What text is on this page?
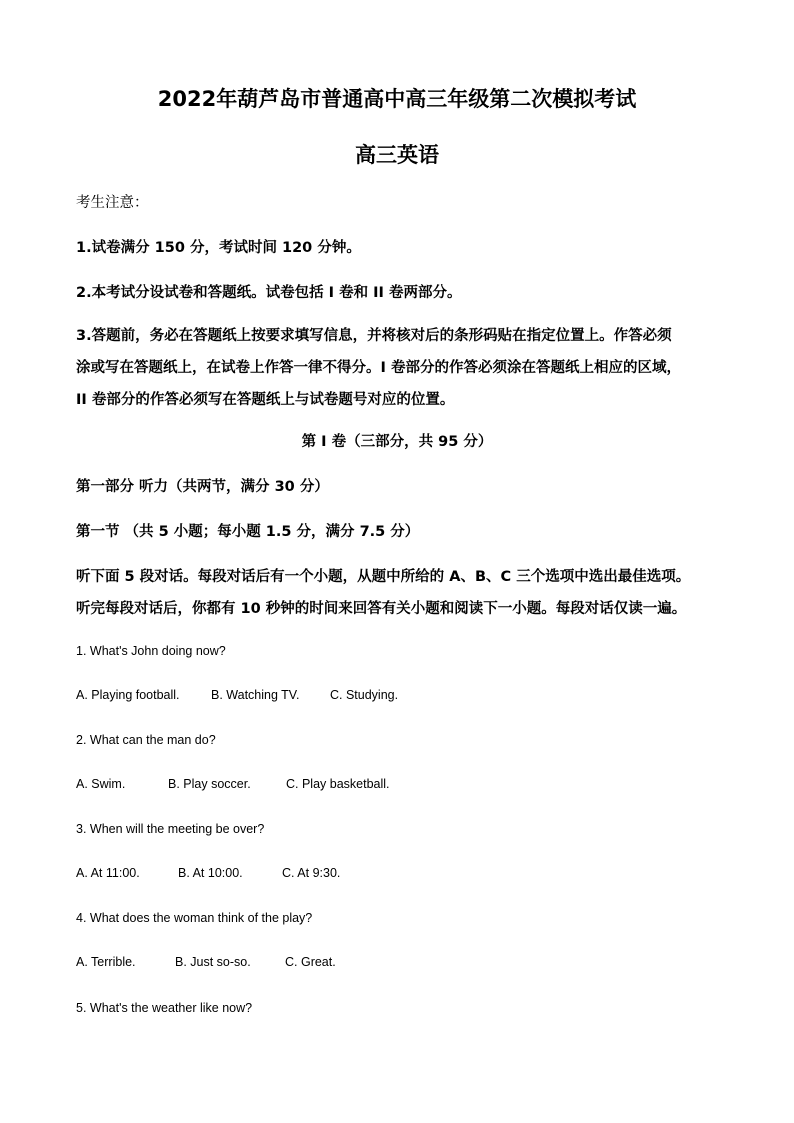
2022年葫芦岛市普通高中高三年级第二次模拟考试
高三英语
考生注意：
1.试卷满分 150 分，考试时间 120 分钟。
2.本考试分设试卷和答题纸。试卷包括 I 卷和 II 卷两部分。
3.答题前，务必在答题纸上按要求填写信息，并将核对后的条形码贴在指定位置上。作答必须
涂或写在答题纸上，在试卷上作答一律不得分。I 卷部分的作答必须涂在答题纸上相应的区域，
II 卷部分的作答必须写在答题纸上与试卷题号对应的位置。
第 I 卷（三部分，共 95 分）
第一部分 听力（共两节，满分 30 分）
第一节 （共 5 小题；每小题 1.5 分，满分 7.5 分）
听下面 5 段对话。每段对话后有一个小题，从题中所给的 A、B、C 三个选项中选出最佳选项。
听完每段对话后，你都有 10 秒钟的时间来回答有关小题和阅读下一小题。每段对话仅读一遍。
1. What's John doing now?
A. Playing football.	B. Watching TV. C. Studying.
2. What can the man do?
A. Swim.	B. Play soccer.	C. Play basketball.
3. When will the meeting be over?
A. At 11:00.	B. At 10:00.	C. At 9:30.
4. What does the woman think of the play?
A. Terrible.	B. Just so-so.	C. Great.
5. What's the weather like now?
